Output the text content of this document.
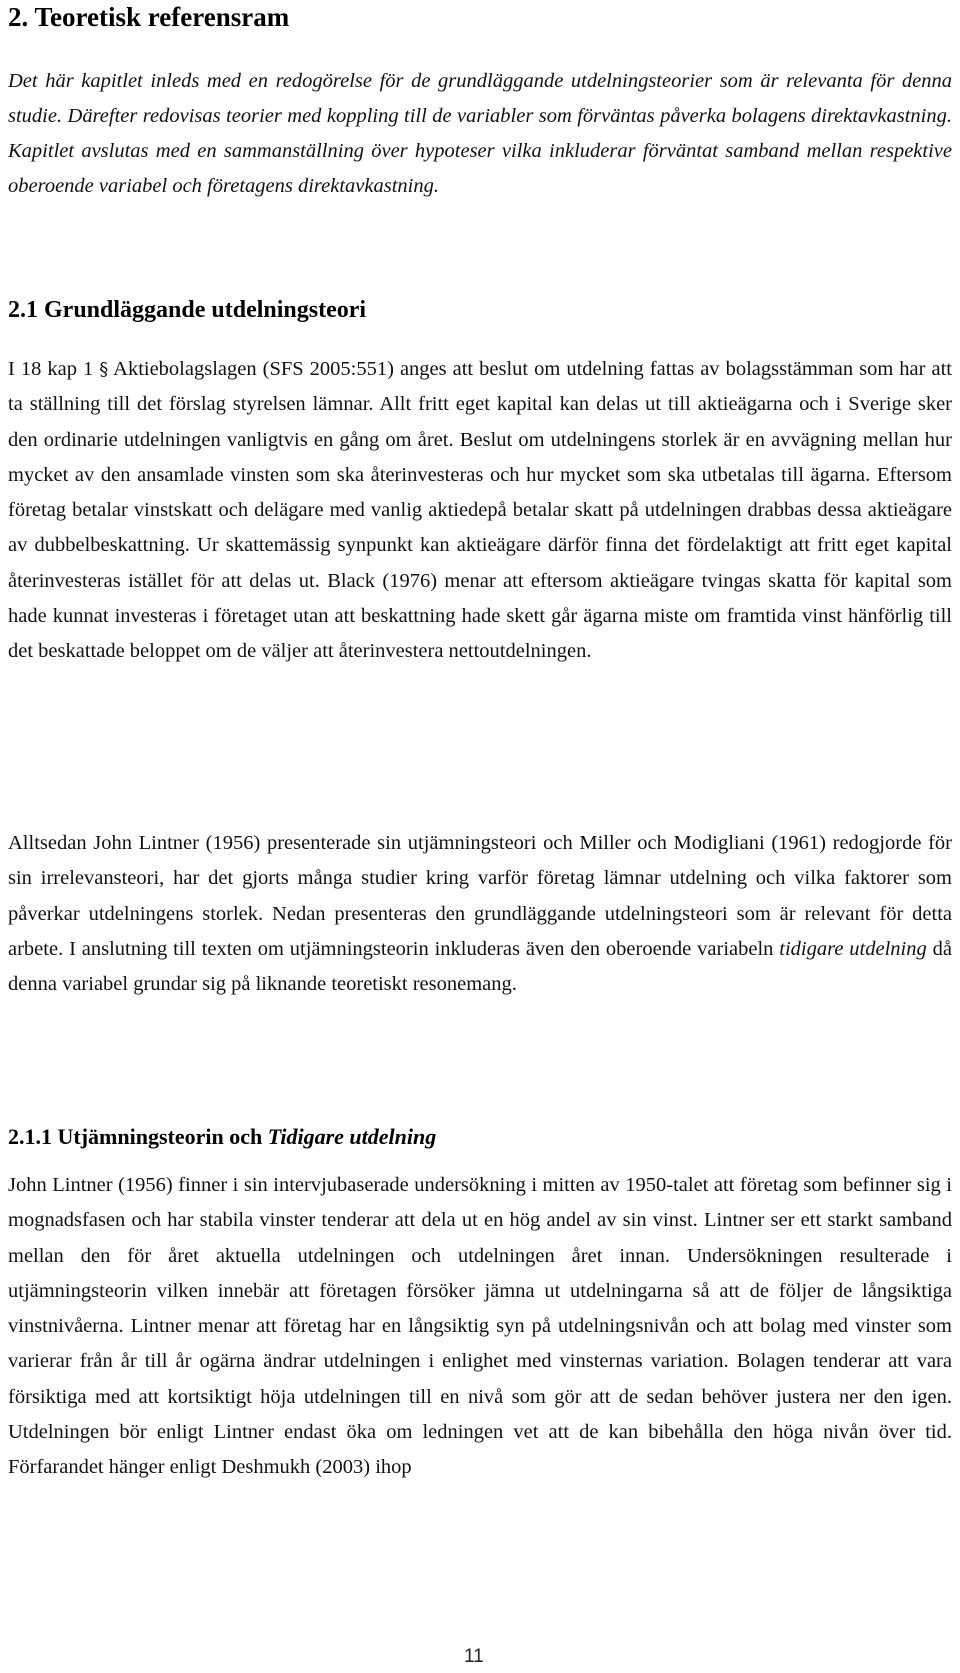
2. Teoretisk referensram

Det här kapitlet inleds med en redogörelse för de grundläggande utdelningsteorier som är relevanta för denna studie. Därefter redovisas teorier med koppling till de variabler som förväntas påverka bolagens direktavkastning. Kapitlet avslutas med en sammanställning över hypoteser vilka inkluderar förväntat samband mellan respektive oberoende variabel och företagens direktavkastning.

2.1 Grundläggande utdelningsteori

I 18 kap 1 § Aktiebolagslagen (SFS 2005:551) anges att beslut om utdelning fattas av bolagsstämman som har att ta ställning till det förslag styrelsen lämnar. Allt fritt eget kapital kan delas ut till aktieägarna och i Sverige sker den ordinarie utdelningen vanligtvis en gång om året. Beslut om utdelningens storlek är en avvägning mellan hur mycket av den ansamlade vinsten som ska återinvesteras och hur mycket som ska utbetalas till ägarna. Eftersom företag betalar vinstskatt och delägare med vanlig aktiedepå betalar skatt på utdelningen drabbas dessa aktieägare av dubbelbeskattning. Ur skattemässig synpunkt kan aktieägare därför finna det fördelaktigt att fritt eget kapital återinvesteras istället för att delas ut. Black (1976) menar att eftersom aktieägare tvingas skatta för kapital som hade kunnat investeras i företaget utan att beskattning hade skett går ägarna miste om framtida vinst hänförlig till det beskattade beloppet om de väljer att återinvestera nettoutdelningen.

Alltsedan John Lintner (1956) presenterade sin utjämningsteori och Miller och Modigliani (1961) redogjorde för sin irrelevansteori, har det gjorts många studier kring varför företag lämnar utdelning och vilka faktorer som påverkar utdelningens storlek. Nedan presenteras den grundläggande utdelningsteori som är relevant för detta arbete. I anslutning till texten om utjämningsteorin inkluderas även den oberoende variabeln tidigare utdelning då denna variabel grundar sig på liknande teoretiskt resonemang.

2.1.1 Utjämningsteorin och Tidigare utdelning

John Lintner (1956) finner i sin intervjubaserade undersökning i mitten av 1950-talet att företag som befinner sig i mognadsfasen och har stabila vinster tenderar att dela ut en hög andel av sin vinst. Lintner ser ett starkt samband mellan den för året aktuella utdelningen och utdelningen året innan. Undersökningen resulterade i utjämningsteorin vilken innebär att företagen försöker jämna ut utdelningarna så att de följer de långsiktiga vinstnivåerna. Lintner menar att företag har en långsiktig syn på utdelningsnivån och att bolag med vinster som varierar från år till år ogärna ändrar utdelningen i enlighet med vinsternas variation. Bolagen tenderar att vara försiktiga med att kortsiktigt höja utdelningen till en nivå som gör att de sedan behöver justera ner den igen. Utdelningen bör enligt Lintner endast öka om ledningen vet att de kan bibehålla den höga nivån över tid. Förfarandet hänger enligt Deshmukh (2003) ihop

11
